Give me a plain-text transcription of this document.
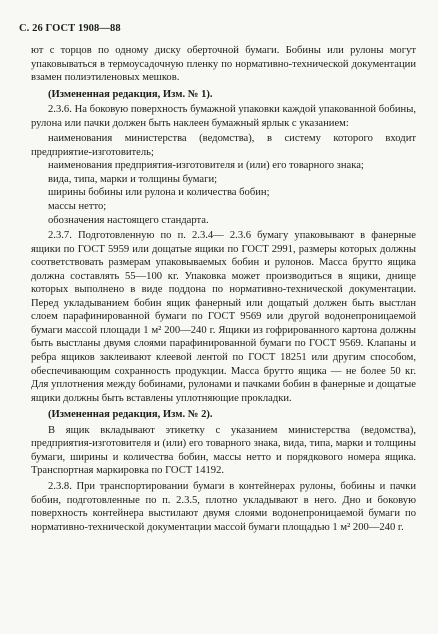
С. 26 ГОСТ 1908—88

ют с торцов по одному диску оберточной бумаги. Бобины или рулоны могут упаковываться в термоусадочную пленку по нормативно-технической документации взамен полиэтиленовых мешков.

(Измененная редакция, Изм. № 1).

2.3.6. На боковую поверхность бумажной упаковки каждой упакованной бобины, рулона или пачки должен быть наклеен бумажный ярлык с указанием:

наименования министерства (ведомства), в систему которого входит предприятие-изготовитель;

наименования предприятия-изготовителя и (или) его товарного знака;

вида, типа, марки и толщины бумаги;

ширины бобины или рулона и количества бобин;

массы нетто;

обозначения настоящего стандарта.

2.3.7. Подготовленную по п. 2.3.4— 2.3.6 бумагу упаковывают в фанерные ящики по ГОСТ 5959 или дощатые ящики по ГОСТ 2991, размеры которых должны соответствовать размерам упаковываемых бобин и рулонов. Масса брутто ящика должна составлять 55—100 кг. Упаковка может производиться в ящики, днище которых выполнено в виде поддона по нормативно-технической документации. Перед укладыванием бобин ящик фанерный или дощатый должен быть выстлан слоем парафинированной бумаги по ГОСТ 9569 или другой водонепроницаемой бумаги массой площади 1 м² 200—240 г. Ящики из гофрированного картона должны быть выстланы двумя слоями парафинированной бумаги по ГОСТ 9569. Клапаны и ребра ящиков заклеивают клеевой лентой по ГОСТ 18251 или другим способом, обеспечивающим сохранность продукции. Масса брутто ящика — не более 50 кг. Для уплотнения между бобинами, рулонами и пачками бобин в фанерные и дощатые ящики должны быть вставлены уплотняющие прокладки.

(Измененная редакция, Изм. № 2).

В ящик вкладывают этикетку с указанием министерства (ведомства), предприятия-изготовителя и (или) его товарного знака, вида, типа, марки и толщины бумаги, ширины и количества бобин, массы нетто и порядкового номера ящика. Транспортная маркировка по ГОСТ 14192.

2.3.8. При транспортировании бумаги в контейнерах рулоны, бобины и пачки бобин, подготовленные по п. 2.3.5, плотно укладывают в него. Дно и боковую поверхность контейнера выстилают двумя слоями водонепроницаемой бумаги по нормативно-технической документации массой бумаги площадью 1 м² 200—240 г.
